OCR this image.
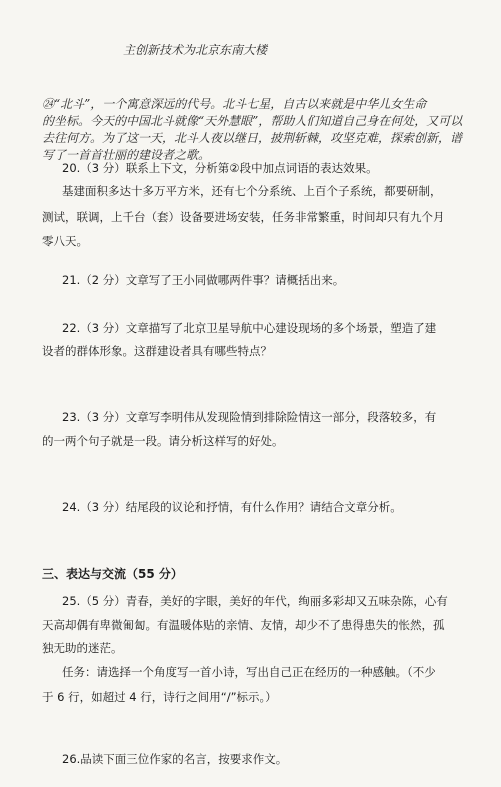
主创新技术为北京东南大楼
㉔“北斗”，一个寓意深远的代号。北斗七星，自古以来就是中华儿女生命
的坐标。今天的中国北斗就像“天外慧眼”，帮助人们知道自己身在何处，又可以
去往何方。为了这一天，北斗人夜以继日，披荆斩棘，攻坚克难，探索创新，谱
写了一首首壮丽的建设者之歌。
20.（3 分）联系上下文，分析第②段中加点词语的表达效果。
基建面积多达十多万平方米，还有七个分系统、上百个子系统，都要研制，
测试，联调，上千台（套）设备要进场安装，任务非常繁重，时间却只有九个月
零八天。
21.（2 分）文章写了王小同做哪两件事？请概括出来。
22.（3 分）文章描写了北京卫星导航中心建设现场的多个场景，塑造了建
设者的群体形象。这群建设者具有哪些特点？
23.（3 分）文章写李明伟从发现险情到排除险情这一部分，段落较多，有
的一两个句子就是一段。请分析这样写的好处。
24.（3 分）结尾段的议论和抒情，有什么作用？请结合文章分析。
三、表达与交流（55 分）
25.（5 分）青春，美好的字眼，美好的年代，绚丽多彩却又五味杂陈，心有
天高却偶有卑微匍匐。有温暖体贴的亲情、友情，却少不了患得患失的怅然，孤
独无助的迷茫。
任务：请选择一个角度写一首小诗，写出自己正在经历的一种感触。（不少
于 6 行，如超过 4 行，诗行之间用“/”标示。）
26.品读下面三位作家的名言，按要求作文。
